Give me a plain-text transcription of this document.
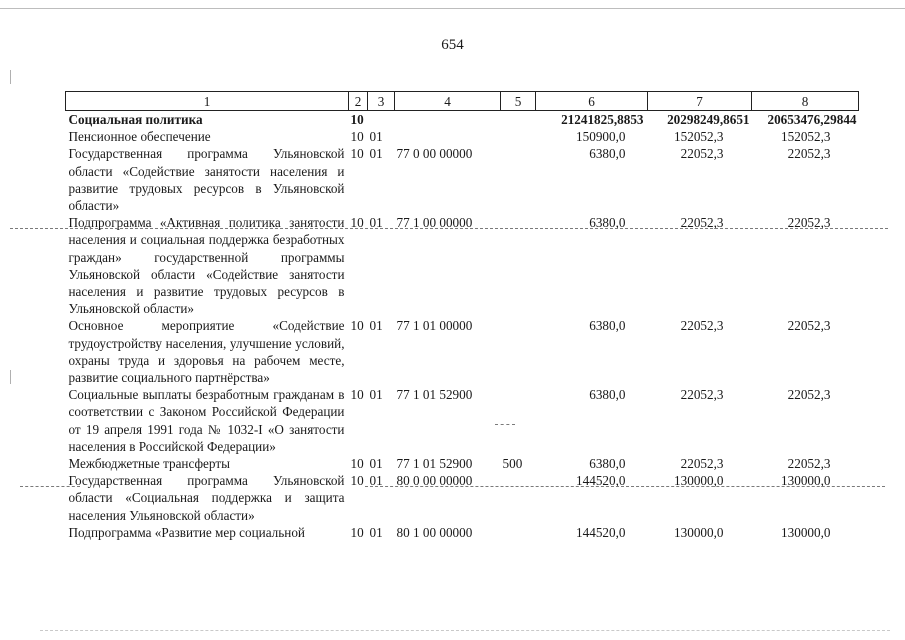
654
1	2	3	4	5	6	7	8
Социальная политика	10				21241825,8853	20298249,8651	20653476,29844
Пенсионное обеспечение	10	01			150900,0	152052,3	152052,3
Государственная программа Ульяновской области «Содействие занятости населения и развитие трудовых ресурсов в Ульяновской области»	10	01	77 0 00 00000		6380,0	22052,3	22052,3
Подпрограмма «Активная политика занятости населения и социальная поддержка безработных граждан» государственной программы Ульяновской области «Содействие занятости населения и развитие трудовых ресурсов в Ульяновской области»	10	01	77 1 00 00000		6380,0	22052,3	22052,3
Основное мероприятие «Содействие трудоустройству населения, улучшение условий, охраны труда и здоровья на рабочем месте, развитие социального партнёрства»	10	01	77 1 01 00000		6380,0	22052,3	22052,3
Социальные выплаты безработным гражданам в соответствии с Законом Российской Федерации от 19 апреля 1991 года № 1032-I «О занятости населения в Российской Федерации»	10	01	77 1 01 52900		6380,0	22052,3	22052,3
Межбюджетные трансферты	10	01	77 1 01 52900	500	6380,0	22052,3	22052,3
Государственная программа Ульяновской области «Социальная поддержка и защита населения Ульяновской области»	10	01	80 0 00 00000		144520,0	130000,0	130000,0
Подпрограмма «Развитие мер социальной	10	01	80 1 00 00000		144520,0	130000,0	130000,0
